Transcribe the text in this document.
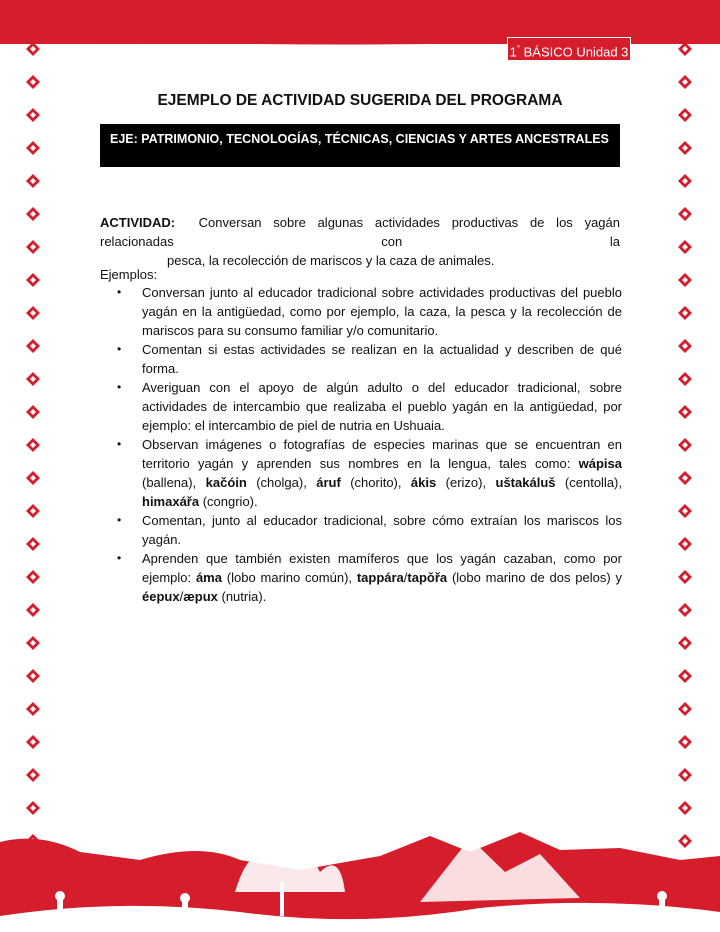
1° BÁSICO Unidad 3
EJEMPLO DE ACTIVIDAD SUGERIDA DEL PROGRAMA
EJE: PATRIMONIO, TECNOLOGÍAS, TÉCNICAS, CIENCIAS Y ARTES ANCESTRALES
ACTIVIDAD: Conversan sobre algunas actividades productivas de los yagán relacionadas con la
pesca, la recolección de mariscos y la caza de animales.
Ejemplos:
• Conversan junto al educador tradicional sobre actividades productivas del pueblo yagán en la antigüedad, como por ejemplo, la caza, la pesca y la recolección de mariscos para su consumo familiar y/o comunitario.
• Comentan si estas actividades se realizan en la actualidad y describen de qué forma.
• Averiguan con el apoyo de algún adulto o del educador tradicional, sobre actividades de intercambio que realizaba el pueblo yagán en la antigüedad, por ejemplo: el intercambio de piel de nutria en Ushuaia.
• Observan imágenes o fotografías de especies marinas que se encuentran en territorio yagán y aprenden sus nombres en la lengua, tales como: wápisa (ballena), kačóin (cholga), áruf (chorito), ákis (erizo), uštakáluš (centolla), himaxářa (congrio).
• Comentan, junto al educador tradicional, sobre cómo extraían los mariscos los yagán.
• Aprenden que también existen mamíferos que los yagán cazaban, como por ejemplo: áma (lobo marino común), tappára/tapǒřa (lobo marino de dos pelos) y éepux/æpux (nutria).
